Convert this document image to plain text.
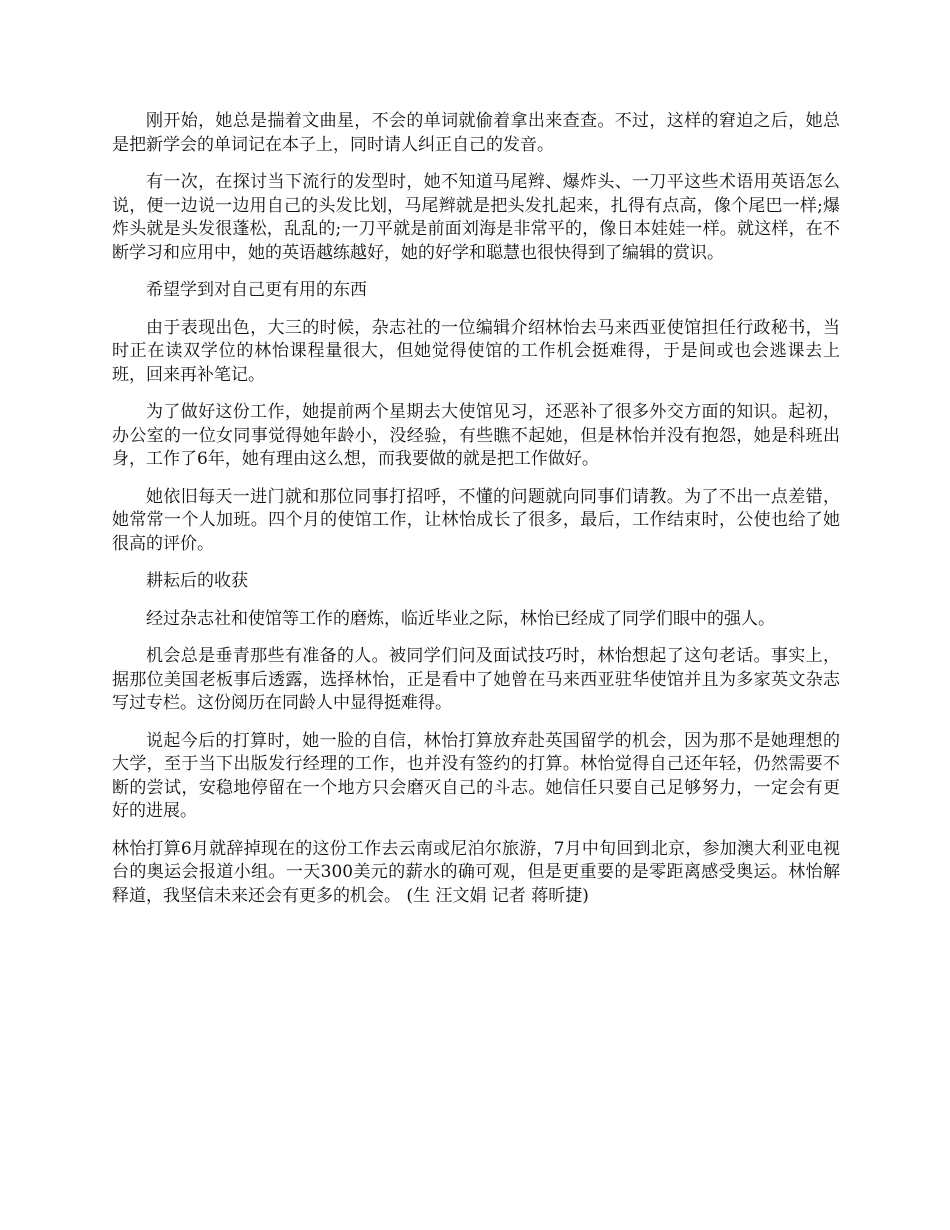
刚开始，她总是揣着文曲星，不会的单词就偷着拿出来查查。不过，这样的窘迫之后，她总是把新学会的单词记在本子上，同时请人纠正自己的发音。

有一次，在探讨当下流行的发型时，她不知道马尾辫、爆炸头、一刀平这些术语用英语怎么说，便一边说一边用自己的头发比划，马尾辫就是把头发扎起来，扎得有点高，像个尾巴一样;爆炸头就是头发很蓬松，乱乱的;一刀平就是前面刘海是非常平的，像日本娃娃一样。就这样，在不断学习和应用中，她的英语越练越好，她的好学和聪慧也很快得到了编辑的赏识。

希望学到对自己更有用的东西

由于表现出色，大三的时候，杂志社的一位编辑介绍林怡去马来西亚使馆担任行政秘书，当时正在读双学位的林怡课程量很大，但她觉得使馆的工作机会挺难得，于是间或也会逃课去上班，回来再补笔记。

为了做好这份工作，她提前两个星期去大使馆见习，还恶补了很多外交方面的知识。起初，办公室的一位女同事觉得她年龄小，没经验，有些瞧不起她，但是林怡并没有抱怨，她是科班出身，工作了6年，她有理由这么想，而我要做的就是把工作做好。

她依旧每天一进门就和那位同事打招呼，不懂的问题就向同事们请教。为了不出一点差错，她常常一个人加班。四个月的使馆工作，让林怡成长了很多，最后，工作结束时，公使也给了她很高的评价。

耕耘后的收获

经过杂志社和使馆等工作的磨炼，临近毕业之际，林怡已经成了同学们眼中的强人。

机会总是垂青那些有准备的人。被同学们问及面试技巧时，林怡想起了这句老话。事实上，据那位美国老板事后透露，选择林怡，正是看中了她曾在马来西亚驻华使馆并且为多家英文杂志写过专栏。这份阅历在同龄人中显得挺难得。

说起今后的打算时，她一脸的自信，林怡打算放弃赴英国留学的机会，因为那不是她理想的大学，至于当下出版发行经理的工作，也并没有签约的打算。林怡觉得自己还年轻，仍然需要不断的尝试，安稳地停留在一个地方只会磨灭自己的斗志。她信任只要自己足够努力，一定会有更好的进展。

林怡打算6月就辞掉现在的这份工作去云南或尼泊尔旅游，7月中旬回到北京，参加澳大利亚电视台的奥运会报道小组。一天300美元的薪水的确可观，但是更重要的是零距离感受奥运。林怡解释道，我坚信未来还会有更多的机会。 (生 汪文娟 记者 蒋昕捷)
